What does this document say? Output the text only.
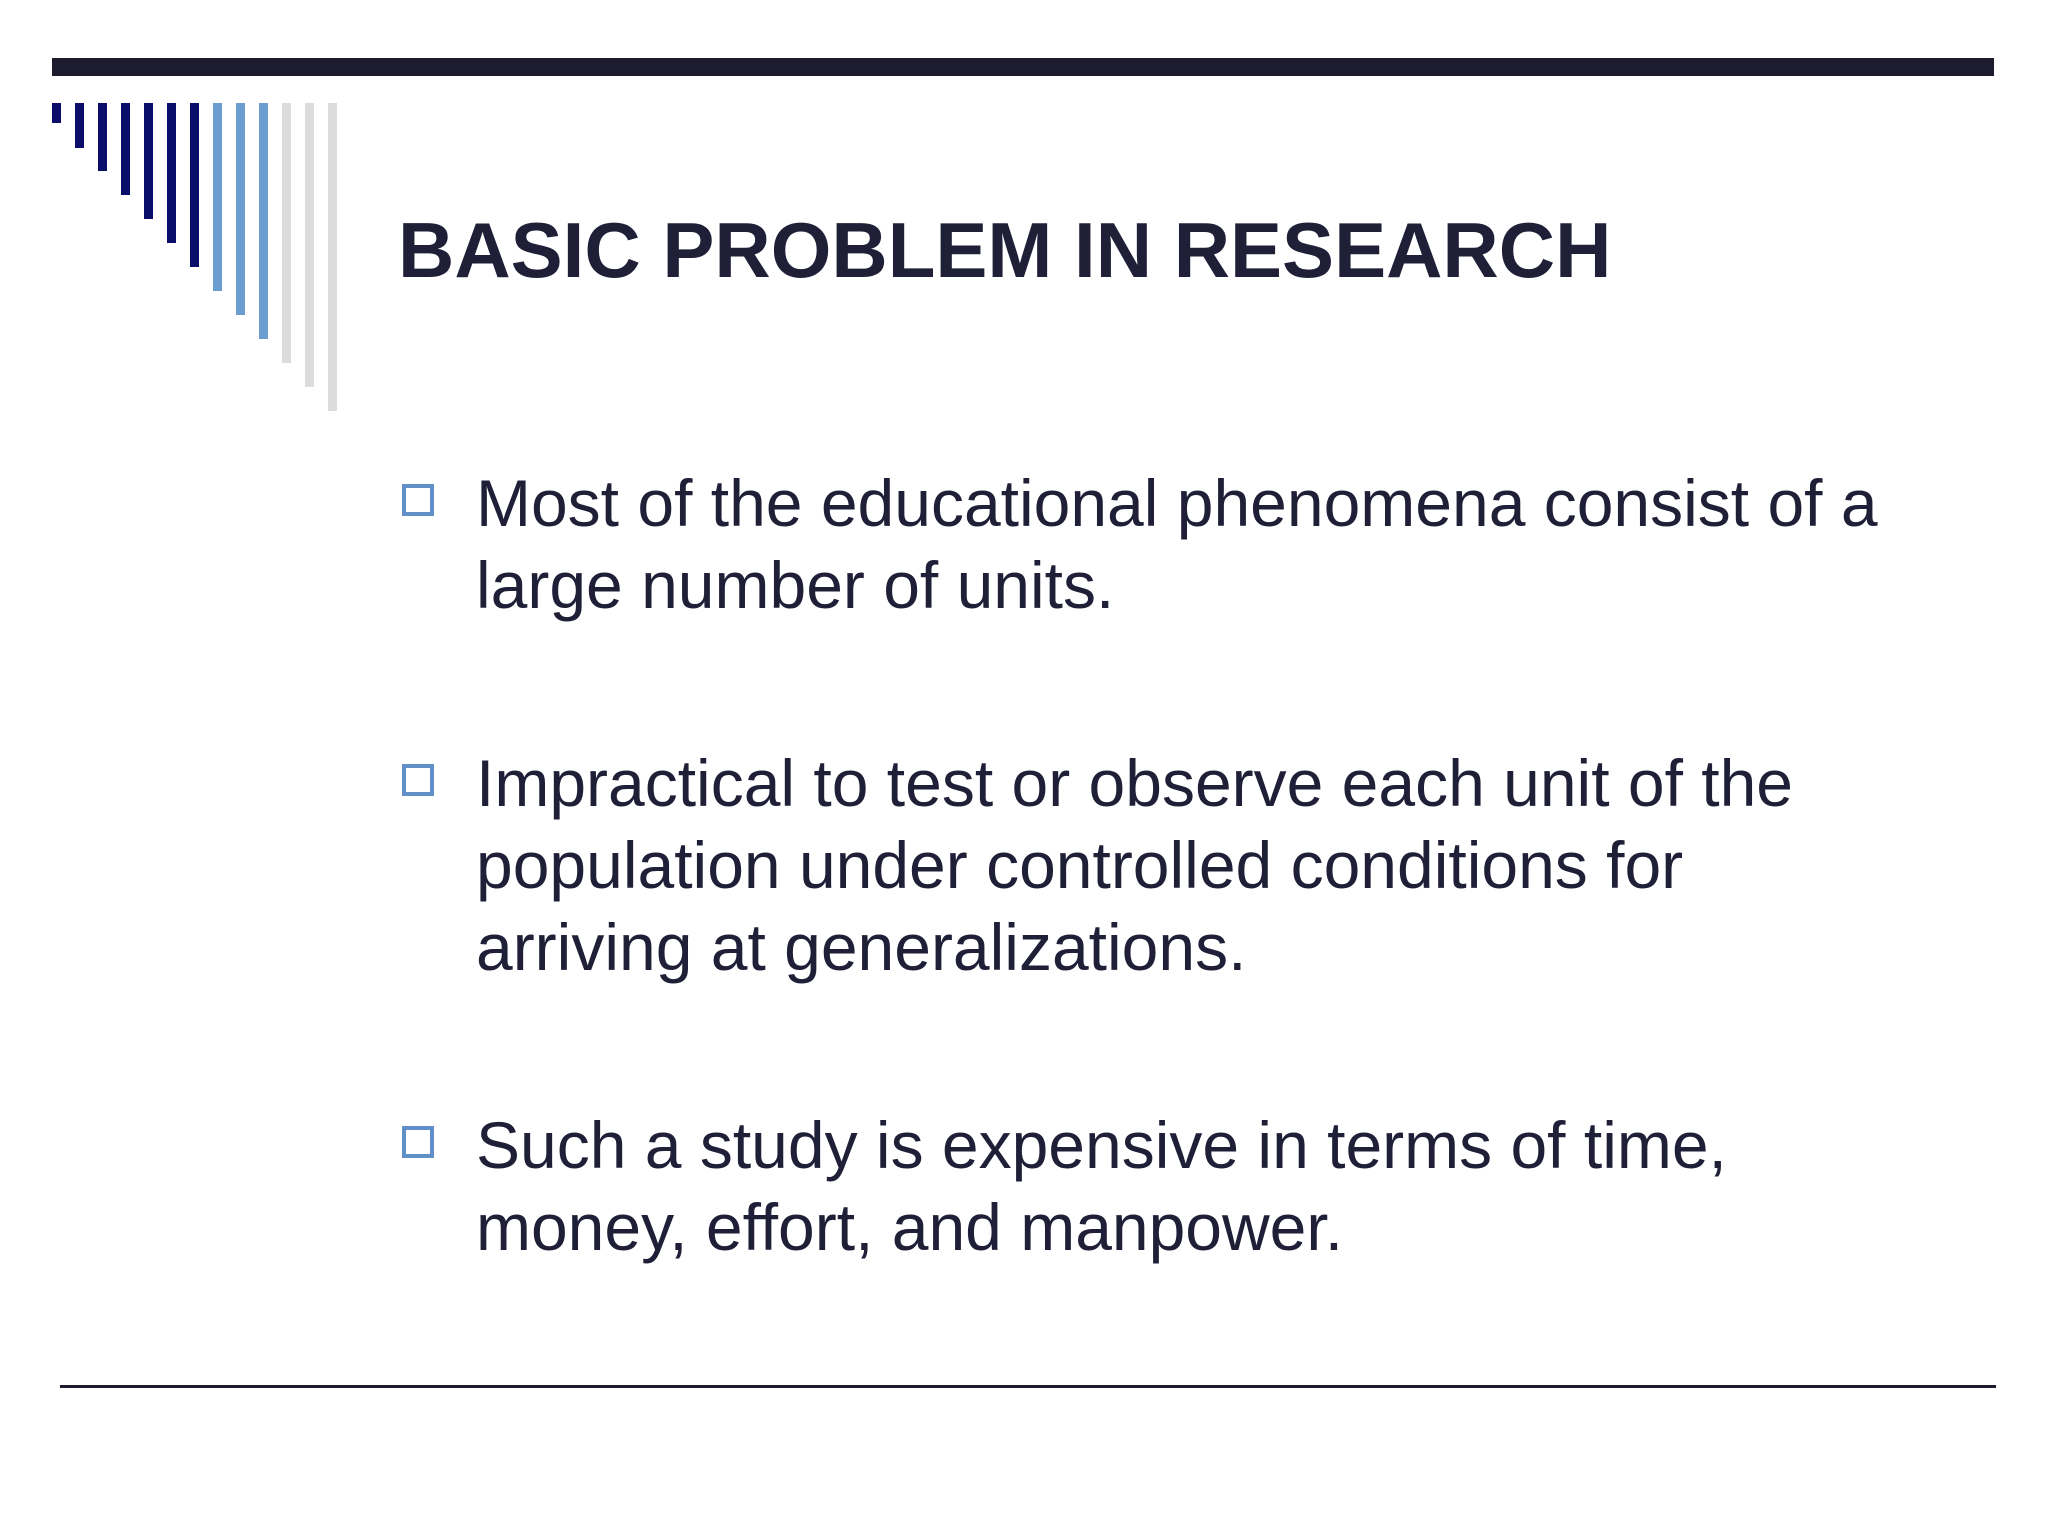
BASIC PROBLEM IN RESEARCH

Most of the educational phenomena consist of a
large number of units.

Impractical to test or observe each unit of the
population under controlled conditions for
arriving at generalizations.

Such a study is expensive in terms of time,
money, effort, and manpower.
